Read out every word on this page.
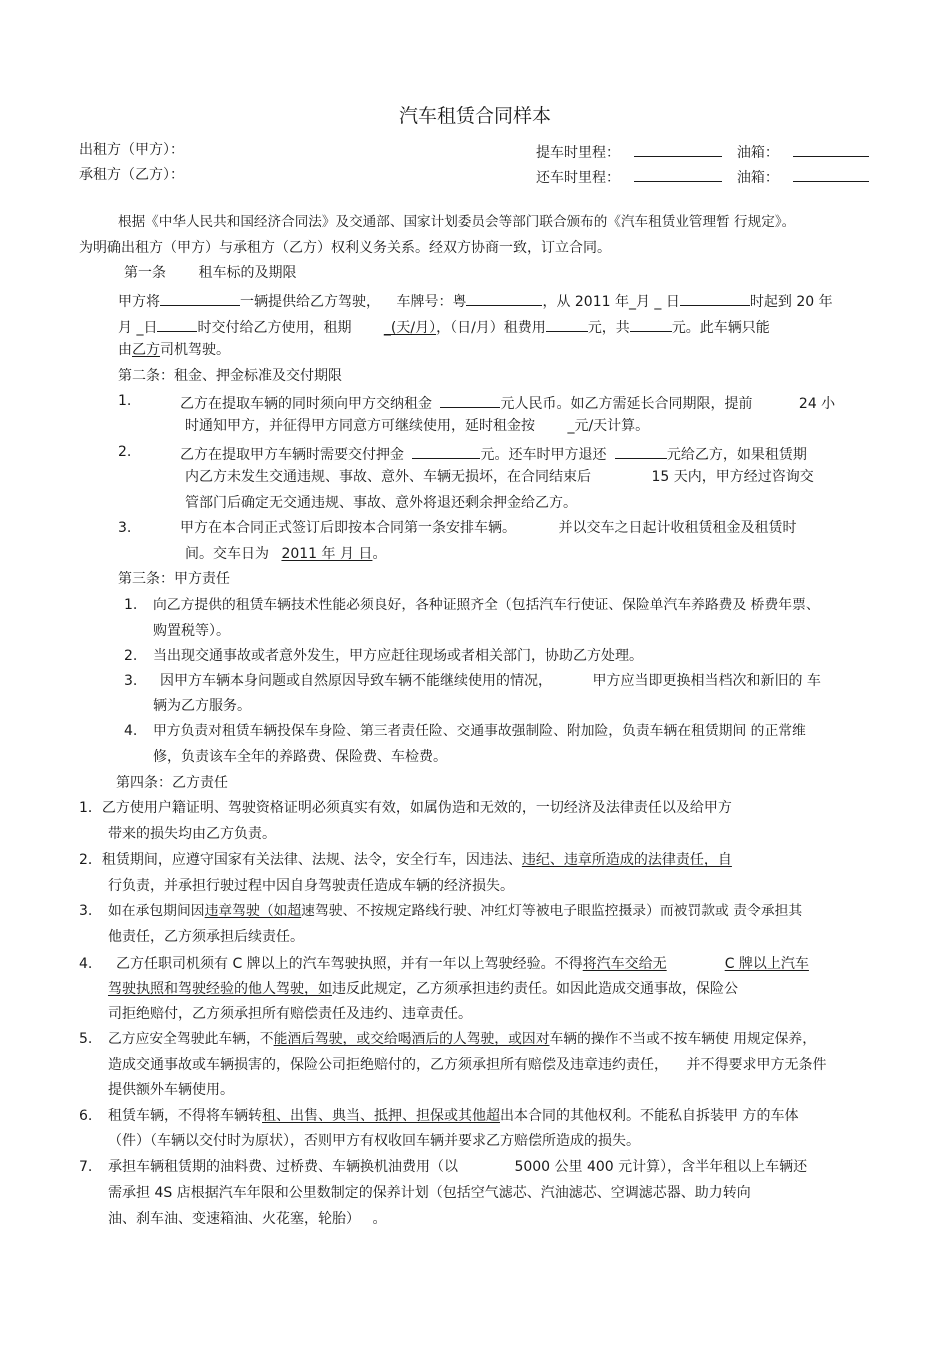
汽车租赁合同样本
出租方（甲方）：
承租方（乙方）：
提车时里程：	油箱：
还车时里程：	油箱：
根据《中华人民共和国经济合同法》及交通部、国家计划委员会等部门联合颁布的《汽车租赁业管理暂 行规定》。
为明确出租方（甲方）与承租方（乙方）权利义务关系。经双方协商一致，订立合同。
第一条 租车标的及期限
甲方将	一辆提供给乙方驾驶， 车牌号：粤	，从 2011 年_月 _ 日	时起到 20 年
月 _日	时交付给乙方使用，租期 _(天/月），（日/月）租费用	元，共	元。此车辆只能
由乙方司机驾驶。
第二条：租金、押金标准及交付期限
1.	乙方在提取车辆的同时须向甲方交纳租金	元人民币。如乙方需延长合同期限，提前	24 小
时通知甲方，并征得甲方同意方可继续使用，延时租金按 _元/天计算。
2.	乙方在提取甲方车辆时需要交付押金	元。还车时甲方退还	元给乙方，如果租赁期
内乙方未发生交通违规、事故、意外、车辆无损坏，在合同结束后	15 天内，甲方经过咨询交
管部门后确定无交通违规、事故、意外将退还剩余押金给乙方。
3.	甲方在本合同正式签订后即按本合同第一条安排车辆。	并以交车之日起计收租赁租金及租赁时
间。交车日为 2011 年 月 日。
第三条：甲方责任
1. 向乙方提供的租赁车辆技术性能必须良好，各种证照齐全（包括汽车行使证、保险单汽车养路费及 桥费年票、
购置税等）。
2. 当出现交通事故或者意外发生，甲方应赶往现场或者相关部门，协助乙方处理。
3. 因甲方车辆本身问题或自然原因导致车辆不能继续使用的情况，	甲方应当即更换相当档次和新旧的 车
辆为乙方服务。
4. 甲方负责对租赁车辆投保车身险、第三者责任险、交通事故强制险、附加险，负责车辆在租赁期间 的正常维
修，负责该车全年的养路费、保险费、车检费。
第四条：乙方责任
1．乙方使用户籍证明、驾驶资格证明必须真实有效，如属伪造和无效的，一切经济及法律责任以及给甲方
带来的损失均由乙方负责。
2．租赁期间，应遵守国家有关法律、法规、法令，安全行车，因违法、违纪、违章所造成的法律责任，自
行负责，并承担行驶过程中因自身驾驶责任造成车辆的经济损失。
3. 如在承包期间因违章驾驶（如超速驾驶、不按规定路线行驶、冲红灯等被电子眼监控摄录）而被罚款或 责令承担其
他责任，乙方须承担后续责任。
4. 乙方任职司机须有 C 牌以上的汽车驾驶执照，并有一年以上驾驶经验。不得将汽车交给无	C 牌以上汽车
驾驶执照和驾驶经验的他人驾驶，如违反此规定，乙方须承担违约责任。如因此造成交通事故，保险公
司拒绝赔付，乙方须承担所有赔偿责任及违约、违章责任。
5. 乙方应安全驾驶此车辆，不能酒后驾驶，或交给喝酒后的人驾驶，或因对车辆的操作不当或不按车辆使 用规定保养，
造成交通事故或车辆损害的，保险公司拒绝赔付的，乙方须承担所有赔偿及违章违约责任， 并不得要求甲方无条件
提供额外车辆使用。
6. 租赁车辆，不得将车辆转租、出售、典当、抵押、担保或其他超出本合同的其他权利。不能私自拆装甲 方的车体
（件）（车辆以交付时为原状），否则甲方有权收回车辆并要求乙方赔偿所造成的损失。
7. 承担车辆租赁期的油料费、过桥费、车辆换机油费用（以	5000 公里 400 元计算），含半年租以上车辆还
需承担 4S 店根据汽车年限和公里数制定的保养计划（包括空气滤芯、汽油滤芯、空调滤芯器、助力转向
油、刹车油、变速箱油、火花塞，轮胎） 。
